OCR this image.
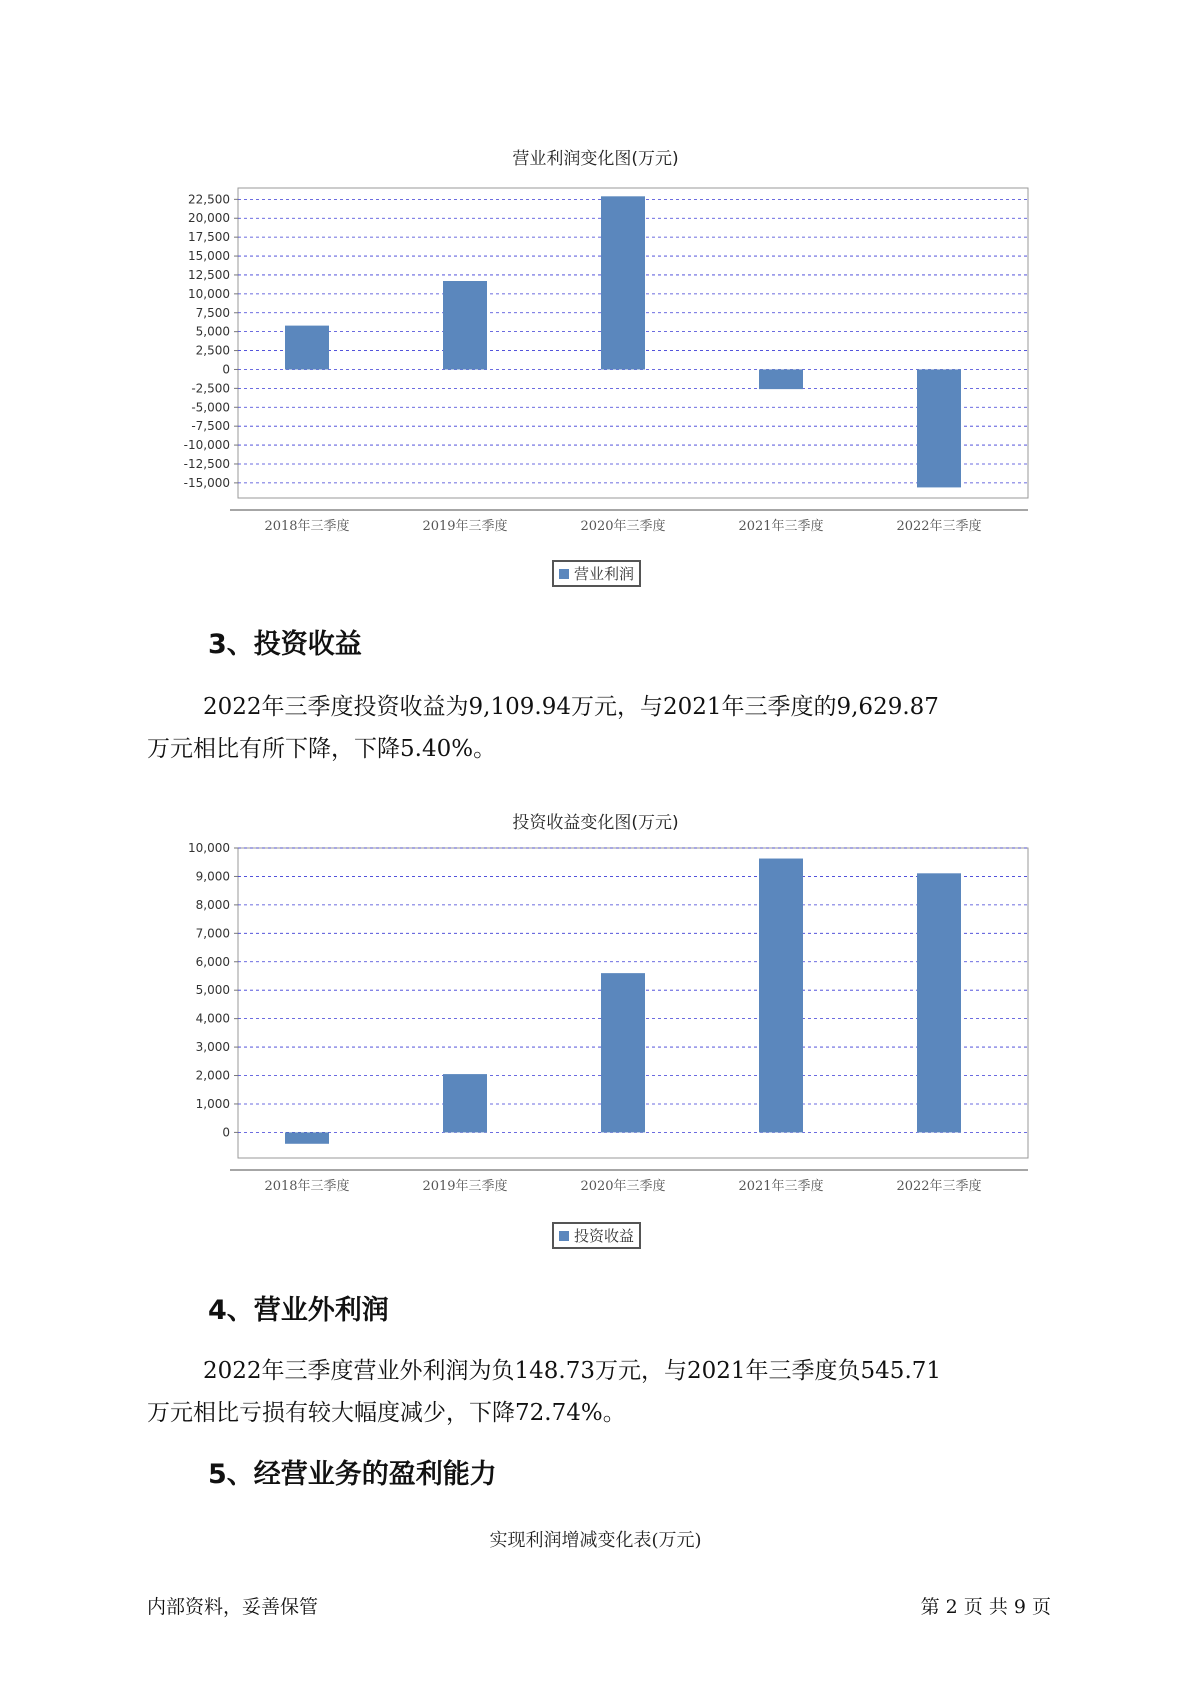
营业利润变化图(万元)
22,500
20,000
17,500
15,000
12,500
10,000
7,500
5,000
2,500
0
-2,500
-5,000
-7,500
-10,000
-12,500
-15,000
2018年三季度	2019年三季度	2020年三季度	2021年三季度	2022年三季度
营业利润
3、投资收益
2022年三季度投资收益为9,109.94万元，与2021年三季度的9,629.87
万元相比有所下降，下降5.40%。
投资收益变化图(万元)
10,000
9,000
8,000
7,000
6,000
5,000
4,000
3,000
2,000
1,000
0
2018年三季度	2019年三季度	2020年三季度	2021年三季度	2022年三季度
投资收益
4、营业外利润
2022年三季度营业外利润为负148.73万元，与2021年三季度负545.71
万元相比亏损有较大幅度减少，下降72.74%。
5、经营业务的盈利能力
实现利润增减变化表(万元)
内部资料，妥善保管	第 2 页 共 9 页
